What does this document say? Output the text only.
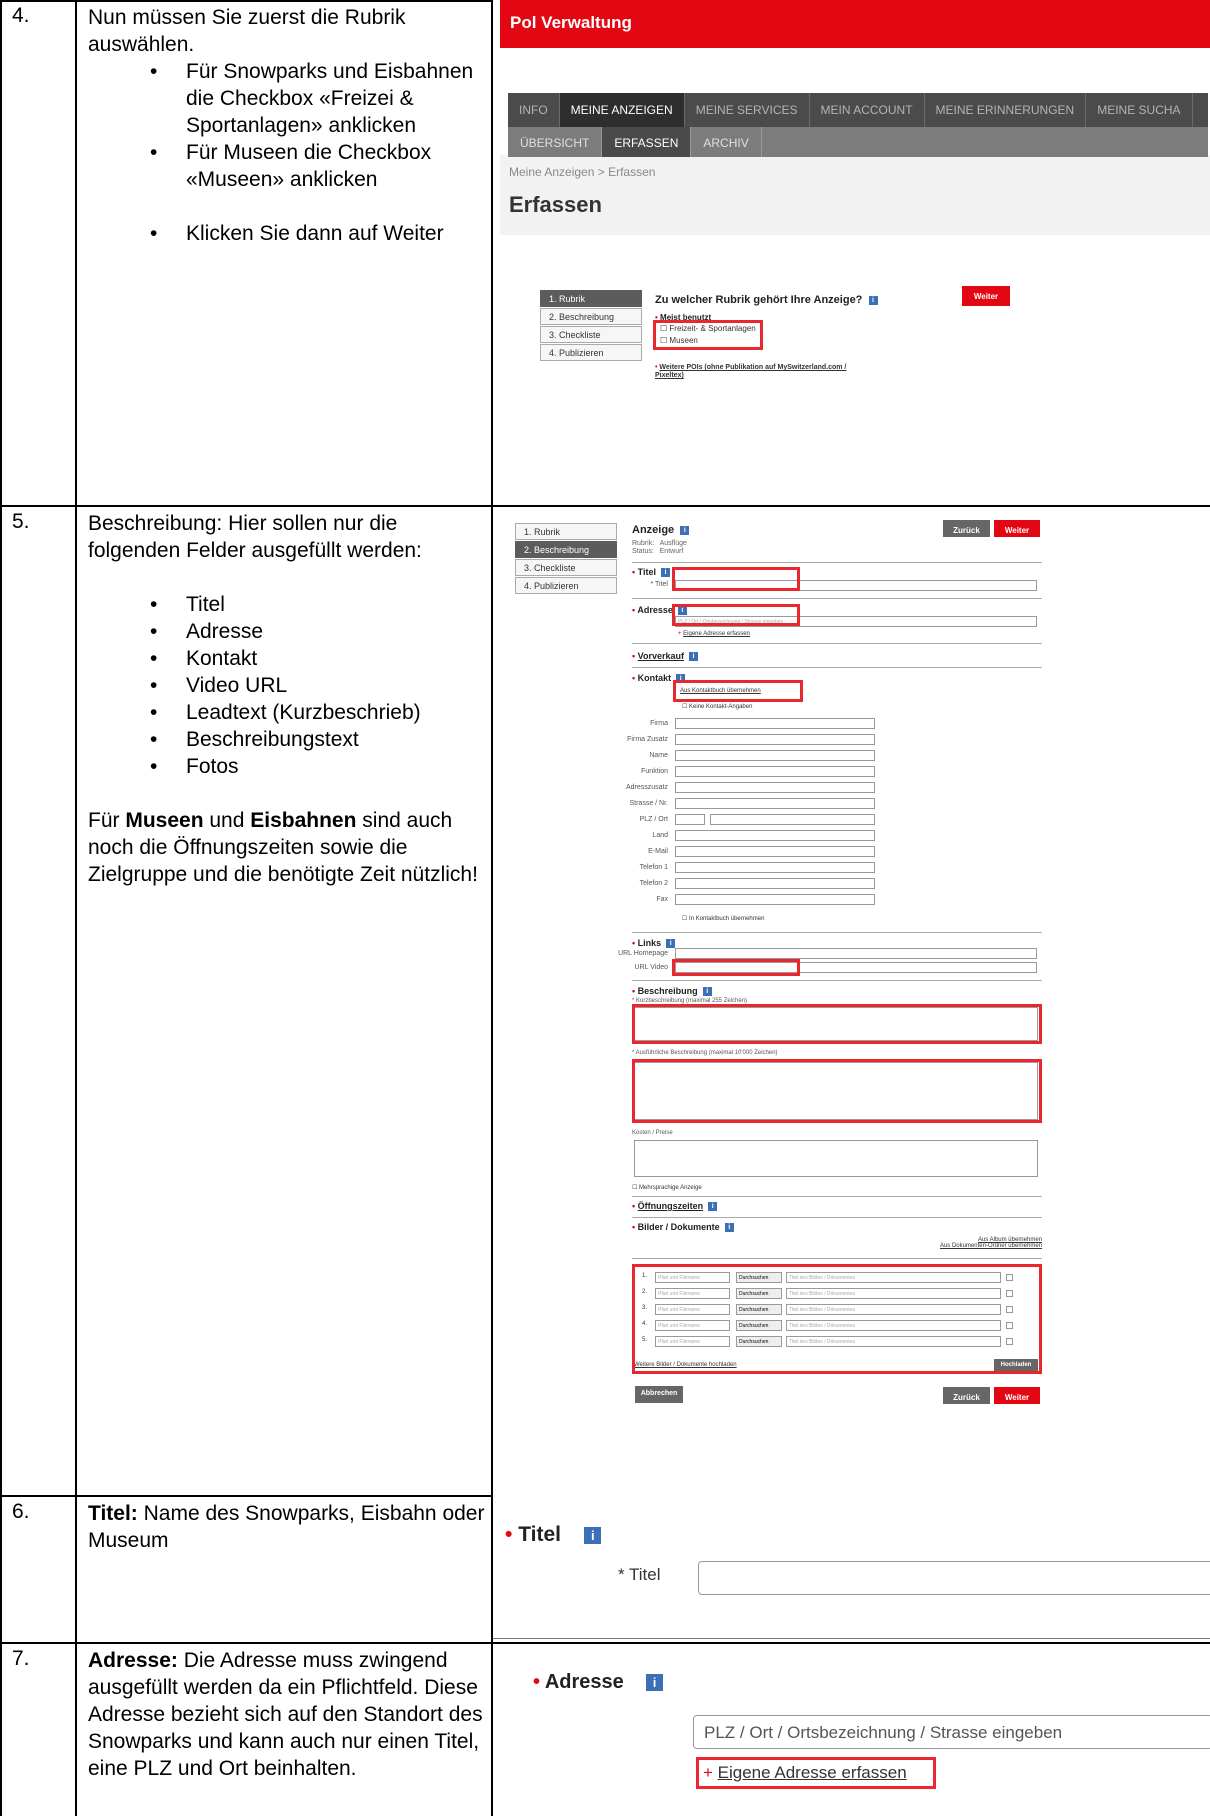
4.	Nun müssen Sie zuerst die Rubrik auswählen.
• Für Snowparks und Eisbahnen die Checkbox «Freizei & Sportanlagen» anklicken
• Für Museen die Checkbox «Museen» anklicken
• Klicken Sie dann auf Weiter
5.	Beschreibung: Hier sollen nur die folgenden Felder ausgefüllt werden:
• Titel
• Adresse
• Kontakt
• Video URL
• Leadtext (Kurzbeschrieb)
• Beschreibungstext
• Fotos
Für Museen und Eisbahnen sind auch noch die Öffnungszeiten sowie die Zielgruppe und die benötigte Zeit nützlich!
6.	Titel: Name des Snowparks, Eisbahn oder Museum
7.	Adresse: Die Adresse muss zwingend ausgefüllt werden da ein Pflichtfeld. Diese Adresse bezieht sich auf den Standort des Snowparks und kann auch nur einen Titel, eine PLZ und Ort beinhalten.
Pol Verwaltung
INFO	MEINE ANZEIGEN	MEINE SERVICES	MEIN ACCOUNT	MEINE ERINNERUNGEN	MEINE SUCHA
ÜBERSICHT	ERFASSEN	ARCHIV
Meine Anzeigen > Erfassen
Erfassen
1. Rubrik
2. Beschreibung
3. Checkliste
4. Publizieren
Zu welcher Rubrik gehört Ihre Anzeige? i	Weiter
• Meist benutzt
☐ Freizeit- & Sportanlagen
☐ Museen
• Weitere POIs (ohne Publikation auf MySwitzerland.com / Pixeltex)
1. Rubrik
2. Beschreibung
3. Checkliste
4. Publizieren
Anzeige i	Zurück	Weiter
Rubrik: Ausflüge
Status: Entwurf
• Titel i
* Titel
• Adresse i
PLZ / Ort / Ortsbezeichnung / Strasse eingeben
+ Eigene Adresse erfassen
• Vorverkauf i
• Kontakt i
Aus Kontaktbuch übernehmen
☐ Keine Kontakt-Angaben
Firma
Firma Zusatz
Name
Funktion
Adresszusatz
Strasse / Nr.
PLZ / Ort
Land
E-Mail
Telefon 1
Telefon 2
Fax
☐ In Kontaktbuch übernehmen
• Links i
URL Homepage
URL Video
• Beschreibung i
* Kurzbeschreibung (maximal 255 Zeichen)
* Ausführliche Beschreibung (maximal 10'000 Zeichen)
Kosten / Preise
☐ Mehrsprachige Anzeige
• Öffnungszeiten i
• Bilder / Dokumente i
Aus Album übernehmen
Aus Dokumenten-Ordner übernehmen
1.	Pfad und Filename	Durchsuchen	Titel des Bildes / Dokumentes
2.	Pfad und Filename	Durchsuchen	Titel des Bildes / Dokumentes
3.	Pfad und Filename	Durchsuchen	Titel des Bildes / Dokumentes
4.	Pfad und Filename	Durchsuchen	Titel des Bildes / Dokumentes
5.	Pfad und Filename	Durchsuchen	Titel des Bildes / Dokumentes
Weitere Bilder / Dokumente hochladen	Hochladen
Abbrechen	Zurück	Weiter
• Titel i
* Titel
• Adresse i
PLZ / Ort / Ortsbezeichnung / Strasse eingeben
+ Eigene Adresse erfassen
